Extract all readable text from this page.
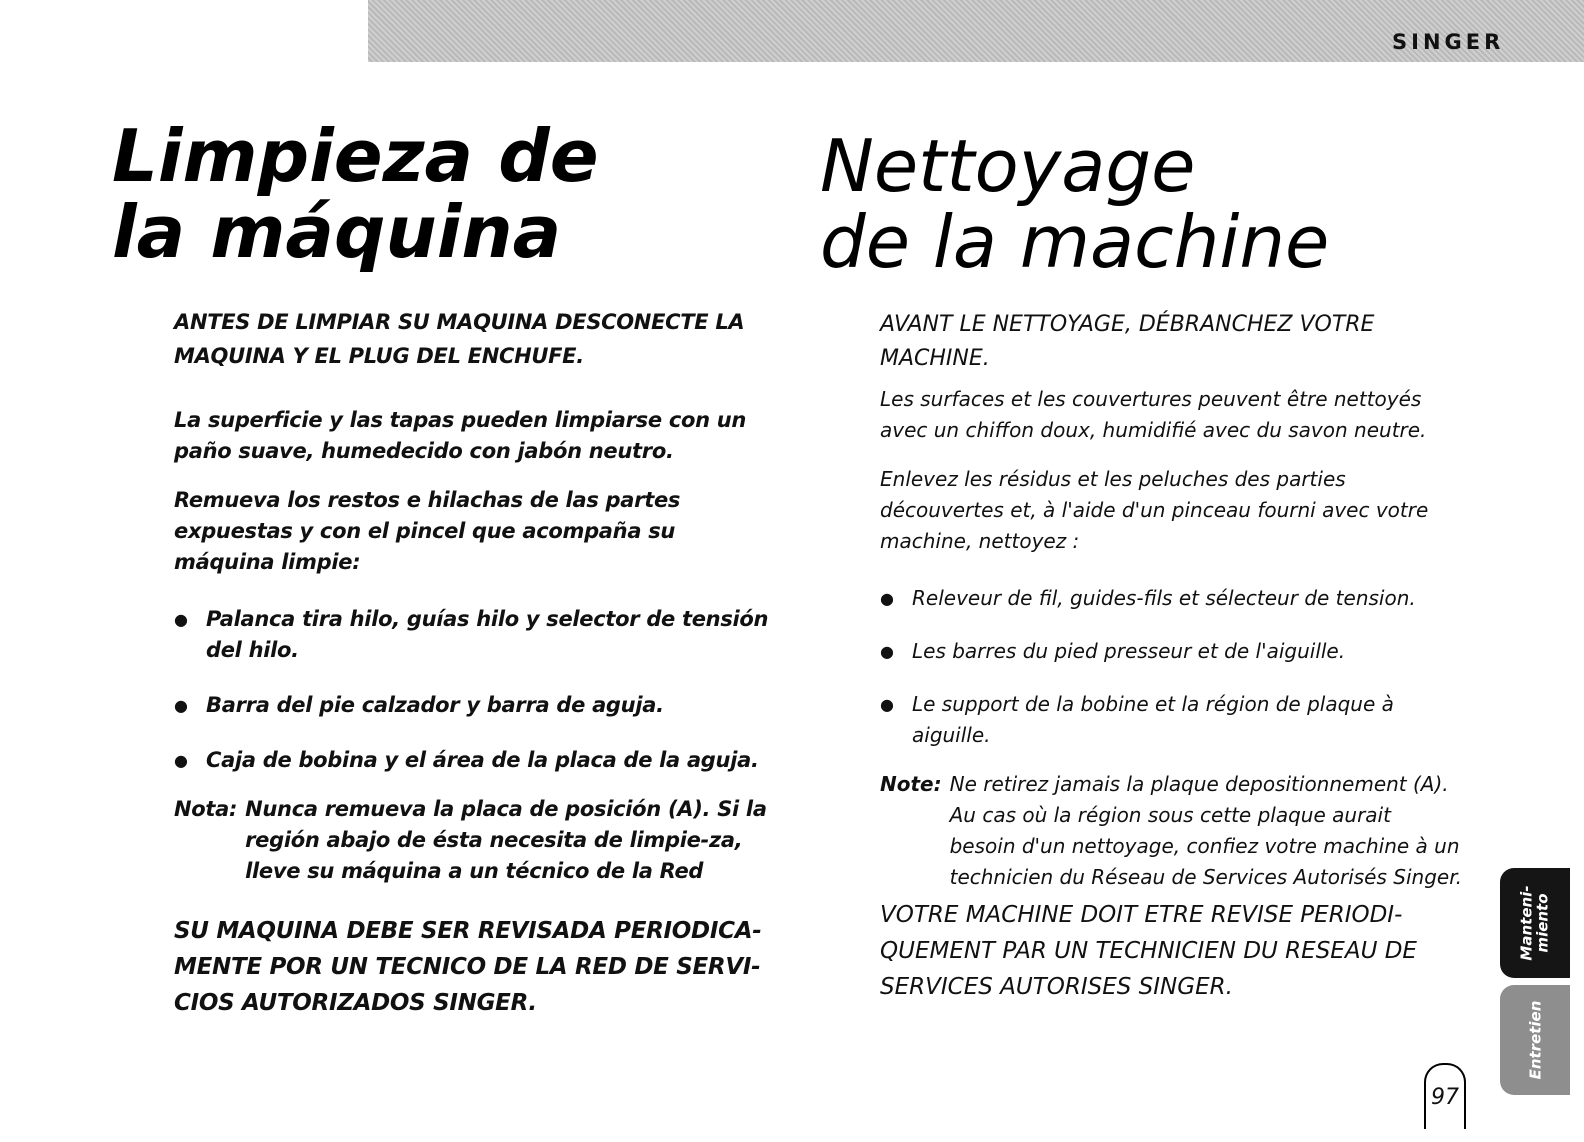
SINGER
Limpieza de
la máquina
Nettoyage
de la machine

ANTES DE LIMPIAR SU MAQUINA DESCONECTE LA MAQUINA Y EL PLUG DEL ENCHUFE.

La superficie y las tapas pueden limpiarse con un paño suave, humedecido con jabón neutro.

Remueva los restos e hilachas de las partes expuestas y con el pincel que acompaña su máquina limpie:

● Palanca tira hilo, guías hilo y selector de tensión del hilo.
● Barra del pie calzador y barra de aguja.
● Caja de bobina y el área de la placa de la aguja.
Nota: Nunca remueva la placa de posición (A). Si la región abajo de ésta necesita de limpie-za, lleve su máquina a un técnico de la Red

SU MAQUINA DEBE SER REVISADA PERIODICA-MENTE POR UN TECNICO DE LA RED DE SERVI-CIOS AUTORIZADOS SINGER.

AVANT LE NETTOYAGE, DÉBRANCHEZ VOTRE MACHINE.

Les surfaces et les couvertures peuvent être nettoyés avec un chiffon doux, humidifié avec du savon neutre.

Enlevez les résidus et les peluches des parties découvertes et, à l'aide d'un pinceau fourni avec votre machine, nettoyez :

● Releveur de fil, guides-fils et sélecteur de tension.
● Les barres du pied presseur et de l'aiguille.
● Le support de la bobine et la région de plaque à aiguille.
Note: Ne retirez jamais la plaque depositionnement (A). Au cas où la région sous cette plaque aurait besoin d'un nettoyage, confiez votre machine à un technicien du Réseau de Services Autorisés Singer.

VOTRE MACHINE DOIT ETRE REVISE PERIODI-QUEMENT PAR UN TECHNICIEN DU RESEAU DE SERVICES AUTORISES SINGER.

Manteni-
miento
Entretien
97
